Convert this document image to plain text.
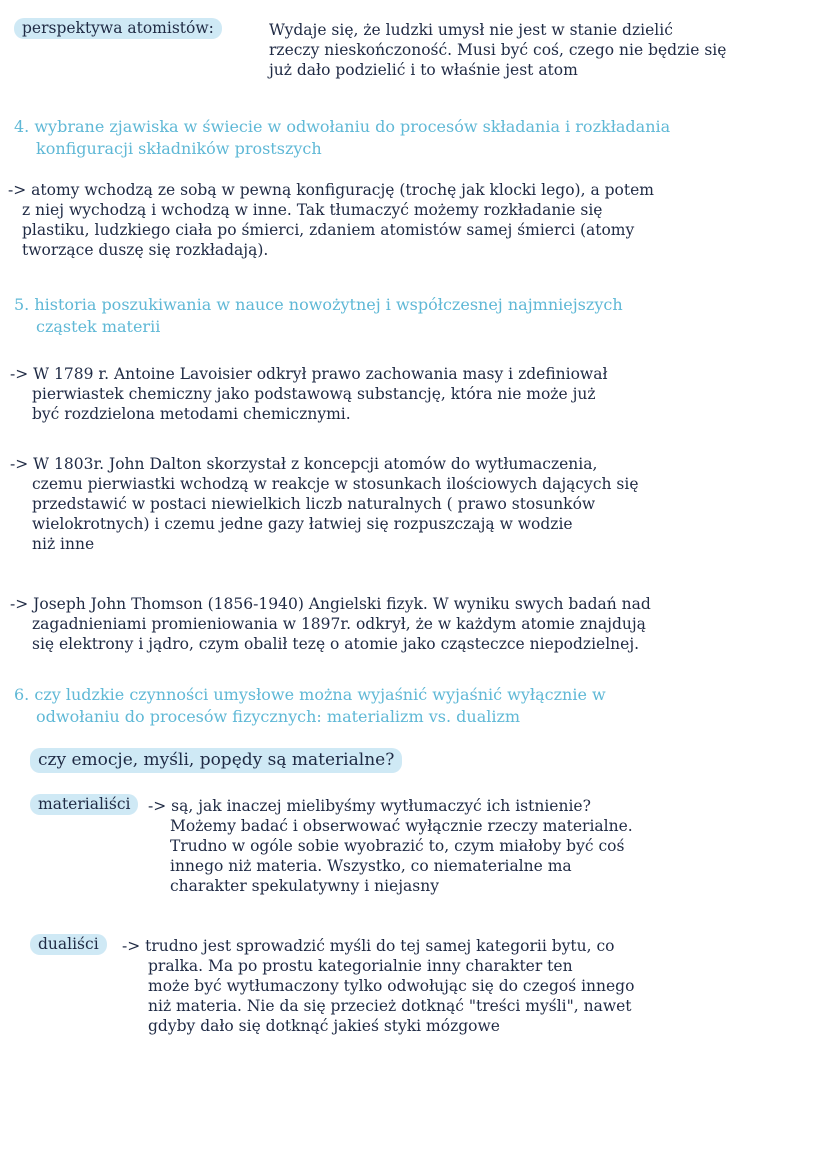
perspektywa atomistów:	Wydaje się, że ludzki umysł nie jest w stanie dzielić
rzeczy nieskończoność. Musi być coś, czego nie będzie się
już dało podzielić i to właśnie jest atom
4. wybrane zjawiska w świecie w odwołaniu do procesów składania i rozkładania
konfiguracji składników prostszych
-> atomy wchodzą ze sobą w pewną konfigurację (trochę jak klocki lego), a potem
z niej wychodzą i wchodzą w inne. Tak tłumaczyć możemy rozkładanie się
plastiku, ludzkiego ciała po śmierci, zdaniem atomistów samej śmierci (atomy
tworzące duszę się rozkładają).
5. historia poszukiwania w nauce nowożytnej i współczesnej najmniejszych
cząstek materii
-> W 1789 r. Antoine Lavoisier odkrył prawo zachowania masy i zdefiniował
pierwiastek chemiczny jako podstawową substancję, która nie może już
być rozdzielona metodami chemicznymi.
-> W 1803r. John Dalton skorzystał z koncepcji atomów do wytłumaczenia,
czemu pierwiastki wchodzą w reakcje w stosunkach ilościowych dających się
przedstawić w postaci niewielkich liczb naturalnych ( prawo stosunków
wielokrotnych) i czemu jedne gazy łatwiej się rozpuszczają w wodzie
niż inne
-> Joseph John Thomson (1856-1940) Angielski fizyk. W wyniku swych badań nad
zagadnieniami promieniowania w 1897r. odkrył, że w każdym atomie znajdują
się elektrony i jądro, czym obalił tezę o atomie jako cząsteczce niepodzielnej.
6. czy ludzkie czynności umysłowe można wyjaśnić wyjaśnić wyłącznie w
odwołaniu do procesów fizycznych: materializm vs. dualizm
czy emocje, myśli, popędy są materialne?
materialiści	-> są, jak inaczej mielibyśmy wytłumaczyć ich istnienie?
Możemy badać i obserwować wyłącznie rzeczy materialne.
Trudno w ogóle sobie wyobrazić to, czym miałoby być coś
innego niż materia. Wszystko, co niematerialne ma
charakter spekulatywny i niejasny
dualiści	-> trudno jest sprowadzić myśli do tej samej kategorii bytu, co
pralka. Ma po prostu kategorialnie inny charakter ten
może być wytłumaczony tylko odwołując się do czegoś innego
niż materia. Nie da się przecież dotknąć "treści myśli", nawet
gdyby dało się dotknąć jakieś styki mózgowe
